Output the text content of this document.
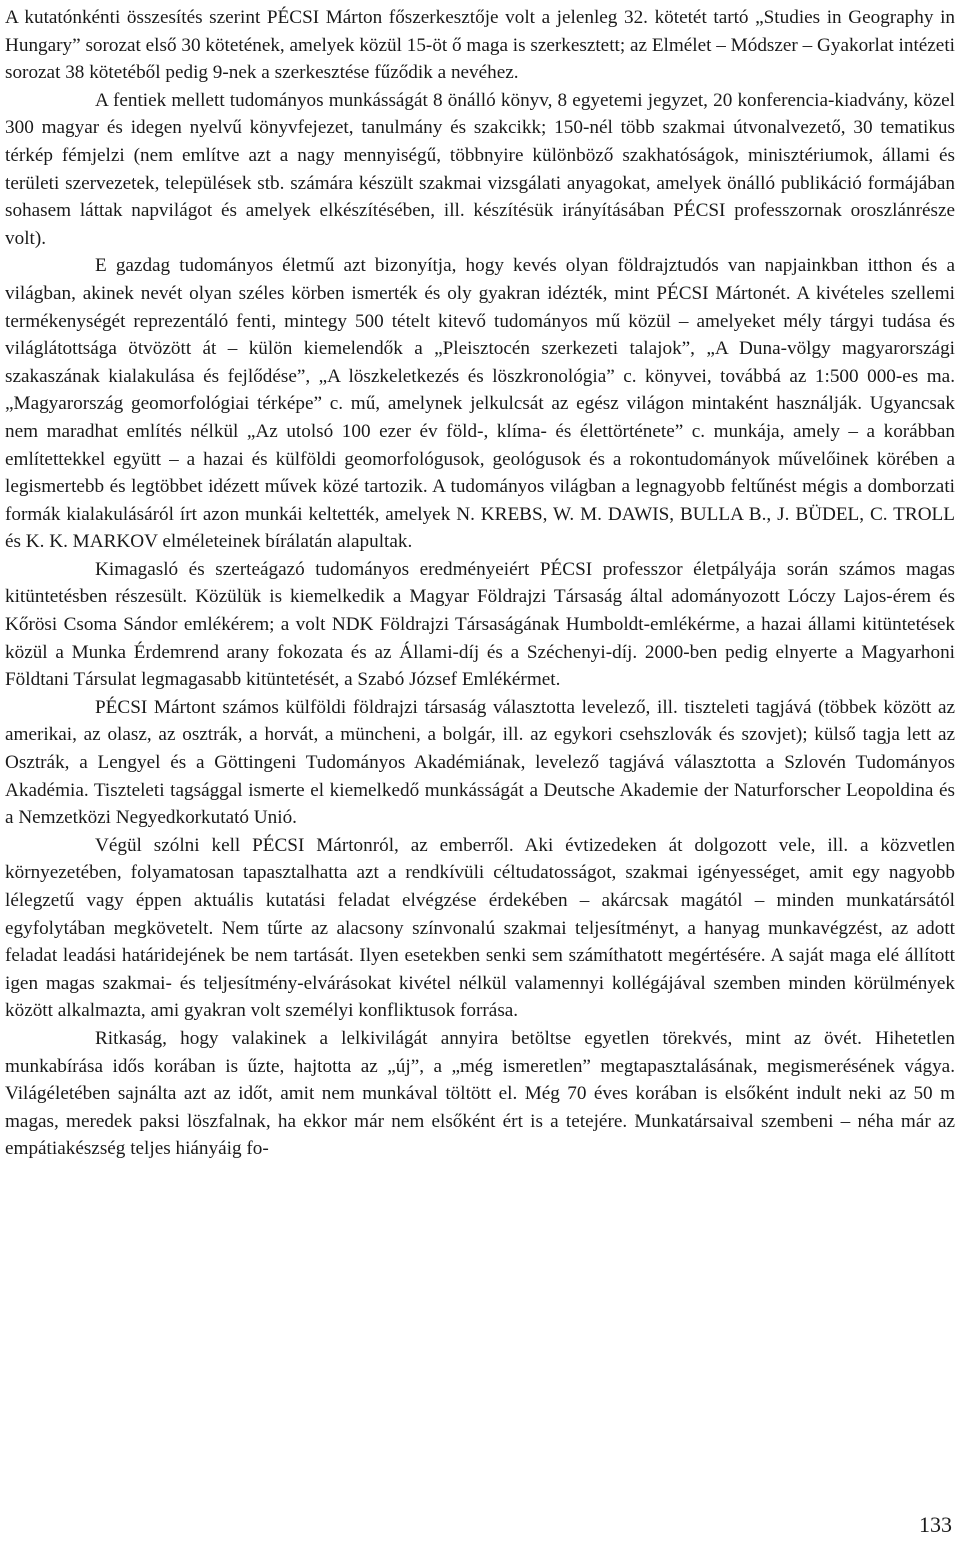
A kutatónkénti összesítés szerint PÉCSI Márton főszerkesztője volt a jelenleg 32. kötetét tartó „Studies in Geography in Hungary” sorozat első 30 kötetének, amelyek közül 15-öt ő maga is szerkesztett; az Elmélet – Módszer – Gyakorlat intézeti sorozat 38 kötetéből pedig 9-nek a szerkesztése fűződik a nevéhez.

A fentiek mellett tudományos munkásságát 8 önálló könyv, 8 egyetemi jegyzet, 20 konferencia-kiadvány, közel 300 magyar és idegen nyelvű könyvfejezet, tanulmány és szakcikk; 150-nél több szakmai útvonalvezető, 30 tematikus térkép fémjelzi (nem említve azt a nagy mennyiségű, többnyire különböző szakhatóságok, minisztériumok, állami és területi szervezetek, települések stb. számára készült szakmai vizsgálati anyagokat, amelyek önálló publikáció formájában sohasem láttak napvilágot és amelyek elkészítésében, ill. készítésük irányításában PÉCSI professzornak oroszlánrésze volt).

E gazdag tudományos életmű azt bizonyítja, hogy kevés olyan földrajztudós van napjainkban itthon és a világban, akinek nevét olyan széles körben ismerték és oly gyakran idézték, mint PÉCSI Mártonét. A kivételes szellemi termékenységét reprezentáló fenti, mintegy 500 tételt kitevő tudományos mű közül – amelyeket mély tárgyi tudása és világlátottsága ötvözött át – külön kiemelendők a „Pleisztocén szerkezeti talajok”, „A Duna-völgy magyarországi szakaszának kialakulása és fejlődése”, „A löszkeletkezés és löszkronológia” c. könyvei, továbbá az 1:500 000-es ma. „Magyarország geomorfológiai térképe” c. mű, amelynek jelkulcsát az egész világon mintaként használják. Ugyancsak nem maradhat említés nélkül „Az utolsó 100 ezer év föld-, klíma- és élettörténete” c. munkája, amely – a korábban említettekkel együtt – a hazai és külföldi geomorfológusok, geológusok és a rokontudományok művelőinek körében a legismertebb és legtöbbet idézett művek közé tartozik. A tudományos világban a legnagyobb feltűnést mégis a domborzati formák kialakulásáról írt azon munkái keltették, amelyek N. KREBS, W. M. DAWIS, BULLA B., J. BÜDEL, C. TROLL és K. K. MARKOV elméleteinek bírálatán alapultak.

Kimagasló és szerteágazó tudományos eredményeiért PÉCSI professzor életpályája során számos magas kitüntetésben részesült. Közülük is kiemelkedik a Magyar Földrajzi Társaság által adományozott Lóczy Lajos-érem és Kőrösi Csoma Sándor emlékérem; a volt NDK Földrajzi Társaságának Humboldt-emlékérme, a hazai állami kitüntetések közül a Munka Érdemrend arany fokozata és az Állami-díj és a Széchenyi-díj. 2000-ben pedig elnyerte a Magyarhoni Földtani Társulat legmagasabb kitüntetését, a Szabó József Emlékérmet.

PÉCSI Mártont számos külföldi földrajzi társaság választotta levelező, ill. tiszteleti tagjává (többek között az amerikai, az olasz, az osztrák, a horvát, a müncheni, a bolgár, ill. az egykori csehszlovák és szovjet); külső tagja lett az Osztrák, a Lengyel és a Göttingeni Tudományos Akadémiának, levelező tagjává választotta a Szlovén Tudományos Akadémia. Tiszteleti tagsággal ismerte el kiemelkedő munkásságát a Deutsche Akademie der Naturforscher Leopoldina és a Nemzetközi Negyedkorkutató Unió.

Végül szólni kell PÉCSI Mártonról, az emberről. Aki évtizedeken át dolgozott vele, ill. a közvetlen környezetében, folyamatosan tapasztalhatta azt a rendkívüli céltudatosságot, szakmai igényességet, amit egy nagyobb lélegzetű vagy éppen aktuális kutatási feladat elvégzése érdekében – akárcsak magától – minden munkatársától egyfolytában megkövetelt. Nem tűrte az alacsony színvonalú szakmai teljesítményt, a hanyag munkavégzést, az adott feladat leadási határidejének be nem tartását. Ilyen esetekben senki sem számíthatott megértésére. A saját maga elé állított igen magas szakmai- és teljesítmény-elvárásokat kivétel nélkül valamennyi kollégájával szemben minden körülmények között alkalmazta, ami gyakran volt személyi konfliktusok forrása.

Ritkaság, hogy valakinek a lelkivilágát annyira betöltse egyetlen törekvés, mint az övét. Hihetetlen munkabírása idős korában is űzte, hajtotta az „új”, a „még ismeretlen” megtapasztalásának, megismerésének vágya. Világéletében sajnálta azt az időt, amit nem munkával töltött el. Még 70 éves korában is elsőként indult neki az 50 m magas, meredek paksi löszfalnak, ha ekkor már nem elsőként ért is a tetejére. Munkatársaival szembeni – néha már az empátiakészség teljes hiányáig fo-

133
